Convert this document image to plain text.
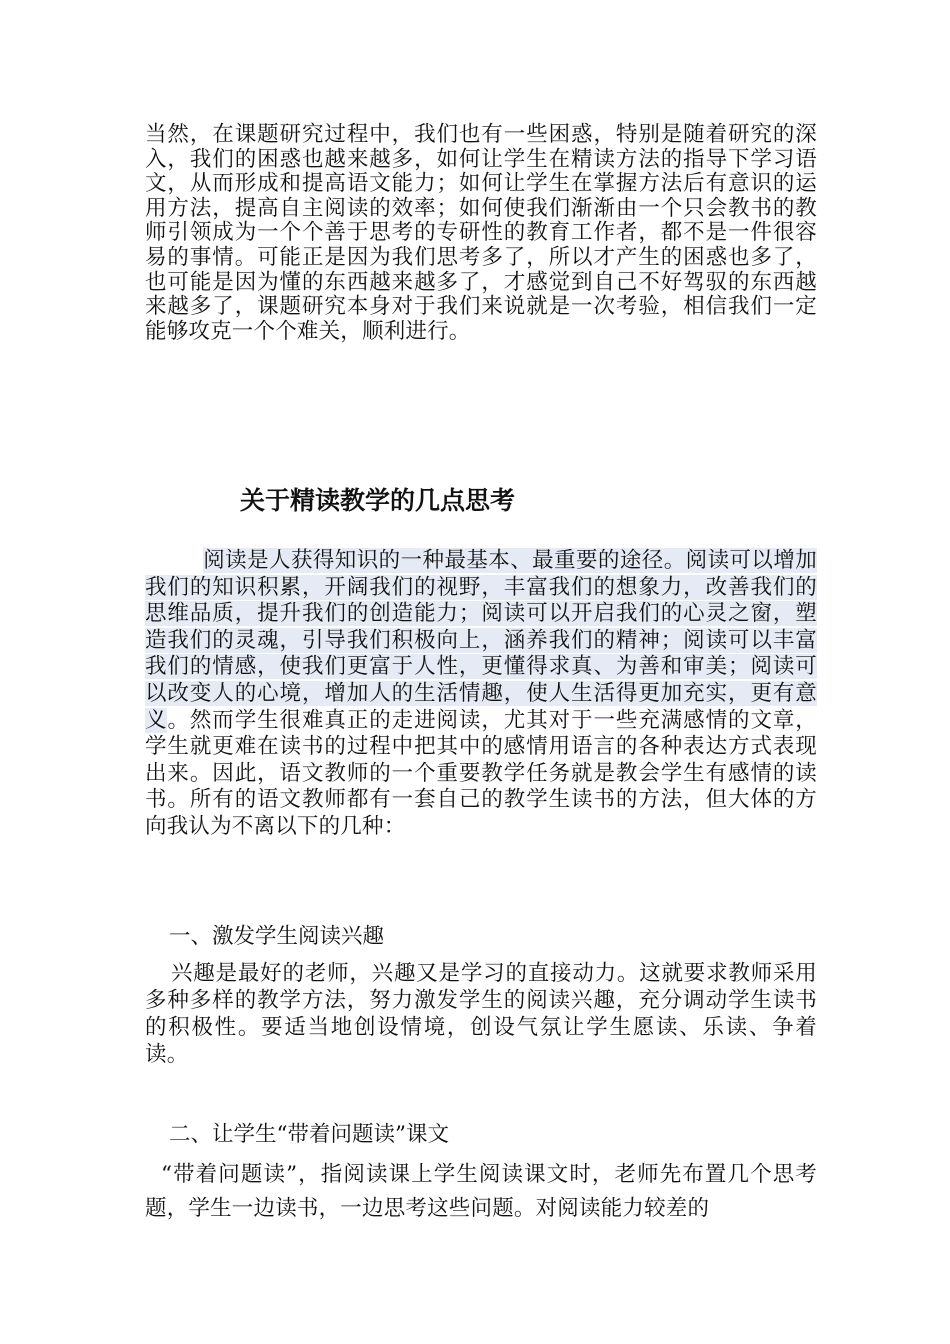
当然，在课题研究过程中，我们也有一些困惑，特别是随着研究的深入，我们的困惑也越来越多，如何让学生在精读方法的指导下学习语文，从而形成和提高语文能力；如何让学生在掌握方法后有意识的运用方法，提高自主阅读的效率；如何使我们渐渐由一个只会教书的教师引领成为一个个善于思考的专研性的教育工作者，都不是一件很容易的事情。可能正是因为我们思考多了，所以才产生的困惑也多了，也可能是因为懂的东西越来越多了，才感觉到自己不好驾驭的东西越来越多了，课题研究本身对于我们来说就是一次考验，相信我们一定能够攻克一个个难关，顺利进行。

关于精读教学的几点思考

阅读是人获得知识的一种最基本、最重要的途径。阅读可以增加我们的知识积累，开阔我们的视野，丰富我们的想象力，改善我们的思维品质，提升我们的创造能力；阅读可以开启我们的心灵之窗，塑造我们的灵魂，引导我们积极向上，涵养我们的精神；阅读可以丰富我们的情感，使我们更富于人性，更懂得求真、为善和审美；阅读可以改变人的心境，增加人的生活情趣，使人生活得更加充实，更有意义。然而学生很难真正的走进阅读，尤其对于一些充满感情的文章，学生就更难在读书的过程中把其中的感情用语言的各种表达方式表现出来。因此，语文教师的一个重要教学任务就是教会学生有感情的读书。所有的语文教师都有一套自己的教学生读书的方法，但大体的方向我认为不离以下的几种：

一、激发学生阅读兴趣

兴趣是最好的老师，兴趣又是学习的直接动力。这就要求教师采用多种多样的教学方法，努力激发学生的阅读兴趣，充分调动学生读书的积极性。要适当地创设情境，创设气氛让学生愿读、乐读、争着读。

二、让学生“带着问题读”课文

“带着问题读”，指阅读课上学生阅读课文时，老师先布置几个思考题，学生一边读书，一边思考这些问题。对阅读能力较差的
